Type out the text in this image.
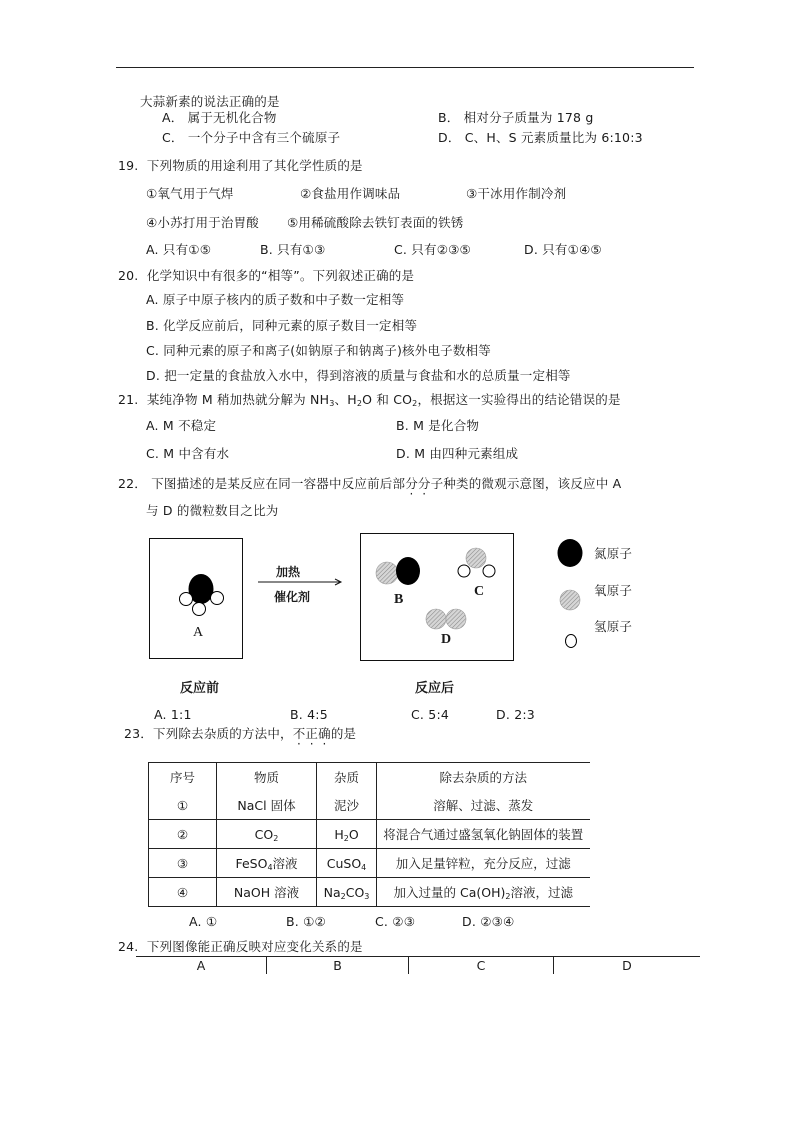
大蒜新素的说法正确的是
A． 属于无机化合物	B． 相对分子质量为 178 g
C． 一个分子中含有三个硫原子	D． C、H、S 元素质量比为 6:10:3
19. 下列物质的用途利用了其化学性质的是
①氧气用于气焊	②食盐用作调味品	③干冰用作制冷剂
④小苏打用于治胃酸 ⑤用稀硫酸除去铁钉表面的铁锈
A. 只有①⑤	B. 只有①③	C. 只有②③⑤	D. 只有①④⑤
20. 化学知识中有很多的“相等”。下列叙述正确的是
A. 原子中原子核内的质子数和中子数一定相等
B. 化学反应前后，同种元素的原子数目一定相等
C. 同种元素的原子和离子(如钠原子和钠离子)核外电子数相等
D. 把一定量的食盐放入水中，得到溶液的质量与食盐和水的总质量一定相等
21. 某纯净物 M 稍加热就分解为 $NH_3$、$H_2O$ 和 $CO_2$，根据这一实验得出的结论错误的是
A. M 不稳定	B. M 是化合物
C. M 中含有水	D. M 由四种元素组成
22． 下图描述的是某反应在同一容器中反应前后部分分子种类的微观示意图，该反应中 A
与 D 的微粒数目之比为
A
加热
催化剂	B
C
D
反应前	反应后
氮原子
氧原子
氢原子
A. 1:1	B. 4:5	C. 5:4	D. 2:3
23．下列除去杂质的方法中，不正确的是
序号	物质	杂质	除去杂质的方法
①	NaCl 固体	泥沙	溶解、过滤、蒸发
②	$CO_2$	$H_2O$	将混合气通过盛氢氧化钠固体的装置
③	FeSO$_4$溶液	CuSO$_4$	加入足量锌粒，充分反应，过滤
④	NaOH 溶液	$Na_2CO_3$	加入过量的 $Ca(OH)_2$溶液，过滤
A. ①	B. ①②	C. ②③	D. ②③④
24. 下列图像能正确反映对应变化关系的是
A	B	C	D
